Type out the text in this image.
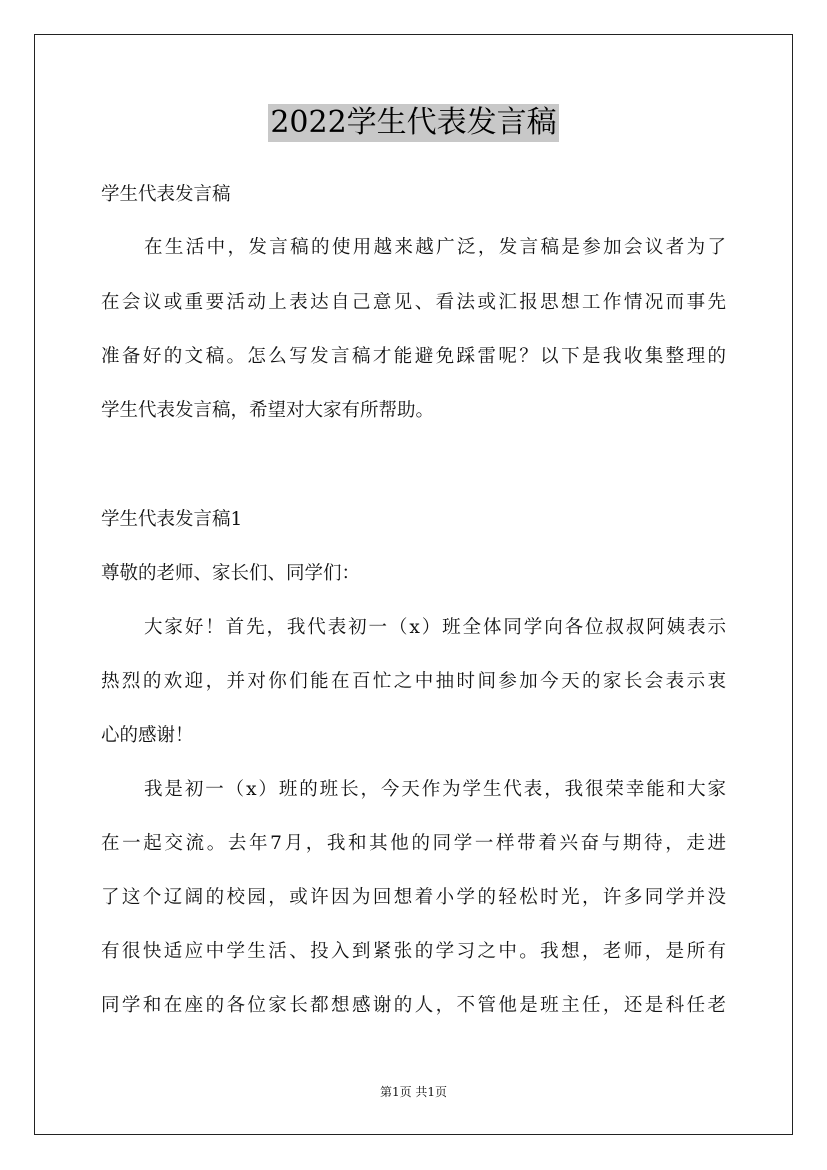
2022学生代表发言稿
学生代表发言稿
在生活中，发言稿的使用越来越广泛，发言稿是参加会议者为了
在会议或重要活动上表达自己意见、看法或汇报思想工作情况而事先
准备好的文稿。怎么写发言稿才能避免踩雷呢？以下是我收集整理的
学生代表发言稿，希望对大家有所帮助。
学生代表发言稿1
尊敬的老师、家长们、同学们：
大家好！首先，我代表初一（x）班全体同学向各位叔叔阿姨表示
热烈的欢迎，并对你们能在百忙之中抽时间参加今天的家长会表示衷
心的感谢！
我是初一（x）班的班长，今天作为学生代表，我很荣幸能和大家
在一起交流。去年7月，我和其他的同学一样带着兴奋与期待，走进
了这个辽阔的校园，或许因为回想着小学的轻松时光，许多同学并没
有很快适应中学生活、投入到紧张的学习之中。我想，老师，是所有
同学和在座的各位家长都想感谢的人，不管他是班主任，还是科任老
第1页 共1页
